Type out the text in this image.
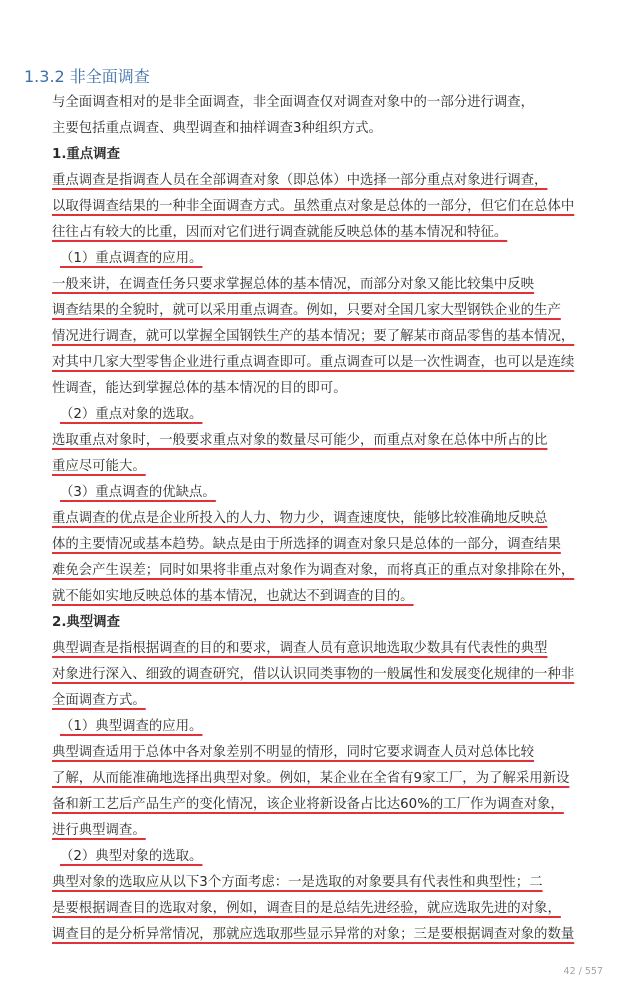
1.3.2 非全面调查
与全面调查相对的是非全面调查，非全面调查仅对调查对象中的一部分进行调查，
主要包括重点调查、典型调查和抽样调查3种组织方式。
1.重点调查
重点调查是指调查人员在全部调查对象（即总体）中选择一部分重点对象进行调查，
以取得调查结果的一种非全面调查方式。虽然重点对象是总体的一部分，但它们在总体中
往往占有较大的比重，因而对它们进行调查就能反映总体的基本情况和特征。
（1）重点调查的应用。
一般来讲，在调查任务只要求掌握总体的基本情况，而部分对象又能比较集中反映
调查结果的全貌时，就可以采用重点调查。例如，只要对全国几家大型钢铁企业的生产
情况进行调查，就可以掌握全国钢铁生产的基本情况；要了解某市商品零售的基本情况，
对其中几家大型零售企业进行重点调查即可。重点调查可以是一次性调查，也可以是连续
性调查，能达到掌握总体的基本情况的目的即可。
（2）重点对象的选取。
选取重点对象时，一般要求重点对象的数量尽可能少，而重点对象在总体中所占的比
重应尽可能大。
（3）重点调查的优缺点。
重点调查的优点是企业所投入的人力、物力少，调查速度快，能够比较准确地反映总
体的主要情况或基本趋势。缺点是由于所选择的调查对象只是总体的一部分，调查结果
难免会产生误差；同时如果将非重点对象作为调查对象，而将真正的重点对象排除在外，
就不能如实地反映总体的基本情况，也就达不到调查的目的。
2.典型调查
典型调查是指根据调查的目的和要求，调查人员有意识地选取少数具有代表性的典型
对象进行深入、细致的调查研究，借以认识同类事物的一般属性和发展变化规律的一种非
全面调查方式。
（1）典型调查的应用。
典型调查适用于总体中各对象差别不明显的情形，同时它要求调查人员对总体比较
了解，从而能准确地选择出典型对象。例如，某企业在全省有9家工厂，为了解采用新设
备和新工艺后产品生产的变化情况，该企业将新设备占比达60%的工厂作为调查对象，
进行典型调查。
（2）典型对象的选取。
典型对象的选取应从以下3个方面考虑：一是选取的对象要具有代表性和典型性；二
是要根据调查目的选取对象，例如，调查目的是总结先进经验，就应选取先进的对象，
调查目的是分析异常情况，那就应选取那些显示异常的对象；三是要根据调查对象的数量
42 / 557
